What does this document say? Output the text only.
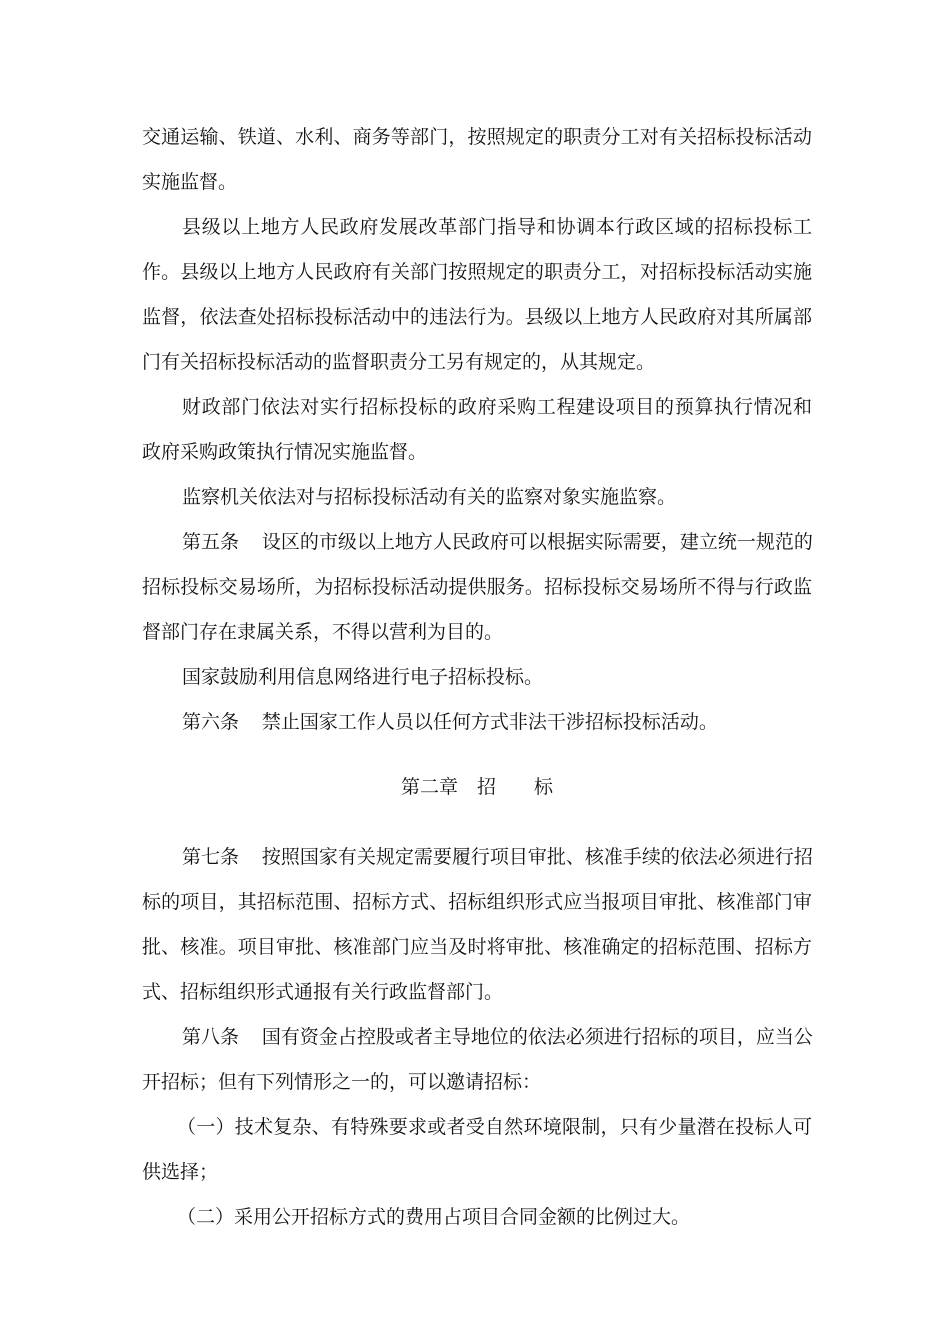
交通运输、铁道、水利、商务等部门，按照规定的职责分工对有关招标投标活动
实施监督。
县级以上地方人民政府发展改革部门指导和协调本行政区域的招标投标工
作。县级以上地方人民政府有关部门按照规定的职责分工，对招标投标活动实施
监督，依法查处招标投标活动中的违法行为。县级以上地方人民政府对其所属部
门有关招标投标活动的监督职责分工另有规定的，从其规定。
财政部门依法对实行招标投标的政府采购工程建设项目的预算执行情况和
政府采购政策执行情况实施监督。
监察机关依法对与招标投标活动有关的监察对象实施监察。
第五条 设区的市级以上地方人民政府可以根据实际需要，建立统一规范的
招标投标交易场所，为招标投标活动提供服务。招标投标交易场所不得与行政监
督部门存在隶属关系，不得以营利为目的。
国家鼓励利用信息网络进行电子招标投标。
第六条 禁止国家工作人员以任何方式非法干涉招标投标活动。
第二章　 招　　标
第七条 按照国家有关规定需要履行项目审批、核准手续的依法必须进行招
标的项目，其招标范围、招标方式、招标组织形式应当报项目审批、核准部门审
批、核准。项目审批、核准部门应当及时将审批、核准确定的招标范围、招标方
式、招标组织形式通报有关行政监督部门。
第八条 国有资金占控股或者主导地位的依法必须进行招标的项目，应当公
开招标；但有下列情形之一的，可以邀请招标：
（一）技术复杂、有特殊要求或者受自然环境限制，只有少量潜在投标人可
供选择；
（二）采用公开招标方式的费用占项目合同金额的比例过大。
